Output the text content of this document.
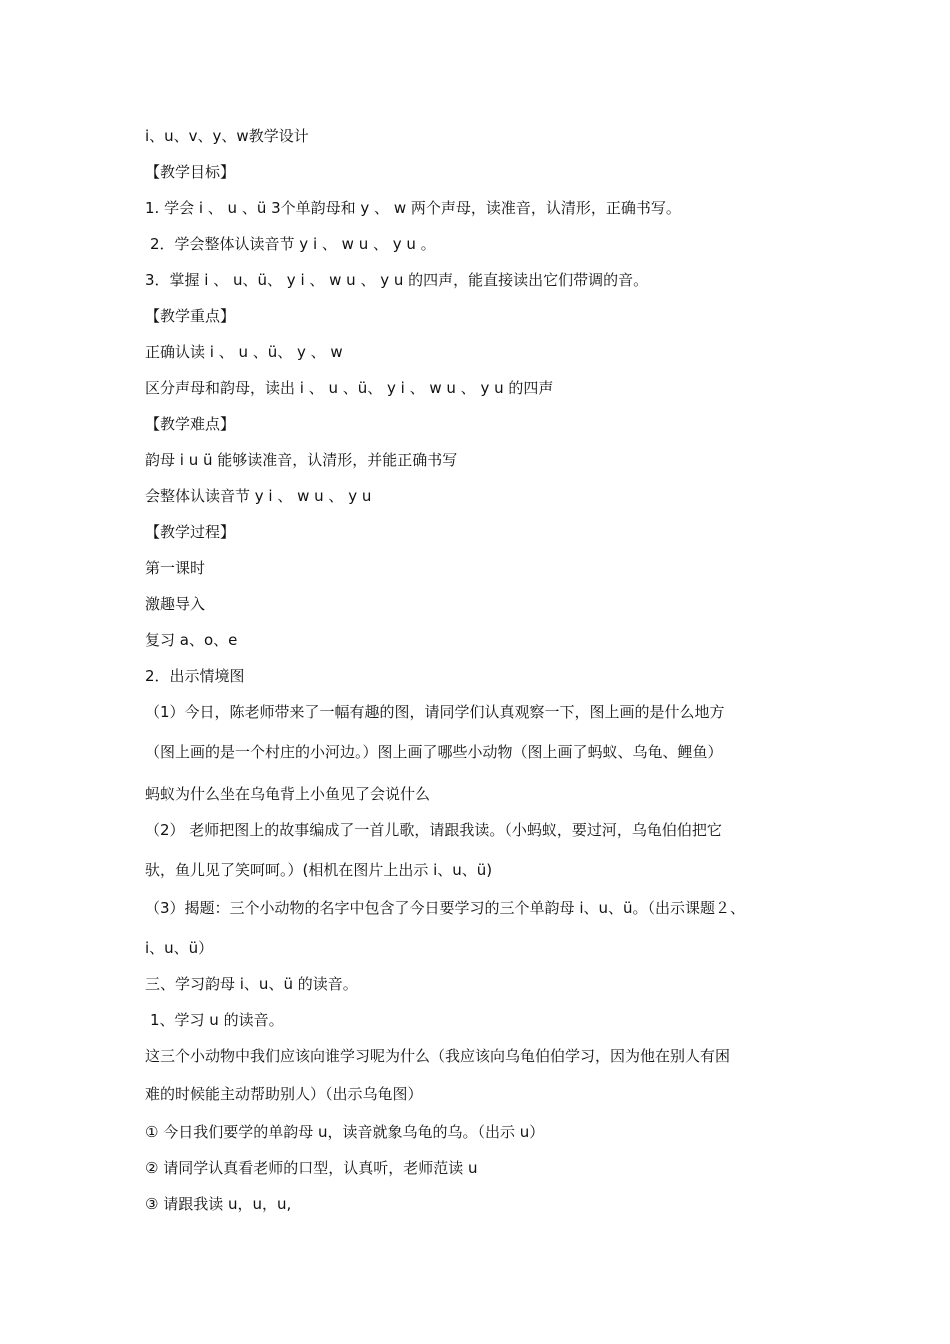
i、u、v、y、w教学设计
【教学目标】
1. 学会 i 、 u 、ü 3个单韵母和 y 、 w 两个声母，读准音，认清形，正确书写。
2．学会整体认读音节 y i 、 w u 、 y u 。
3．掌握 i 、 u、ü、 y i 、 w u 、 y u 的四声，能直接读出它们带调的音。
【教学重点】
正确认读 i 、 u 、ü、 y 、 w
区分声母和韵母，读出 i 、 u 、ü、 y i 、 w u 、 y u 的四声
【教学难点】
韵母 i u ü 能够读准音，认清形，并能正确书写
会整体认读音节 y i 、 w u 、 y u
【教学过程】
第一课时
激趣导入
复习 a、o、e
2．出示情境图
（1）今日，陈老师带来了一幅有趣的图，请同学们认真观察一下，图上画的是什么地方
（图上画的是一个村庄的小河边。）图上画了哪些小动物（图上画了蚂蚁、乌龟、鲤鱼）
蚂蚁为什么坐在乌龟背上小鱼见了会说什么
（2） 老师把图上的故事编成了一首儿歌，请跟我读。（小蚂蚁，要过河，乌龟伯伯把它
驮，鱼儿见了笑呵呵。）(相机在图片上出示 i、u、ü)
（3）揭题：三个小动物的名字中包含了今日要学习的三个单韵母 i、u、ü。（出示课题２、
i、u、ü）
三、学习韵母 i、u、ü 的读音。
1、学习 u 的读音。
这三个小动物中我们应该向谁学习呢为什么（我应该向乌龟伯伯学习，因为他在别人有困
难的时候能主动帮助别人）（出示乌龟图）
① 今日我们要学的单韵母 u，读音就象乌龟的乌。（出示 u）
② 请同学认真看老师的口型，认真听，老师范读 u
③ 请跟我读 u，u，u,
